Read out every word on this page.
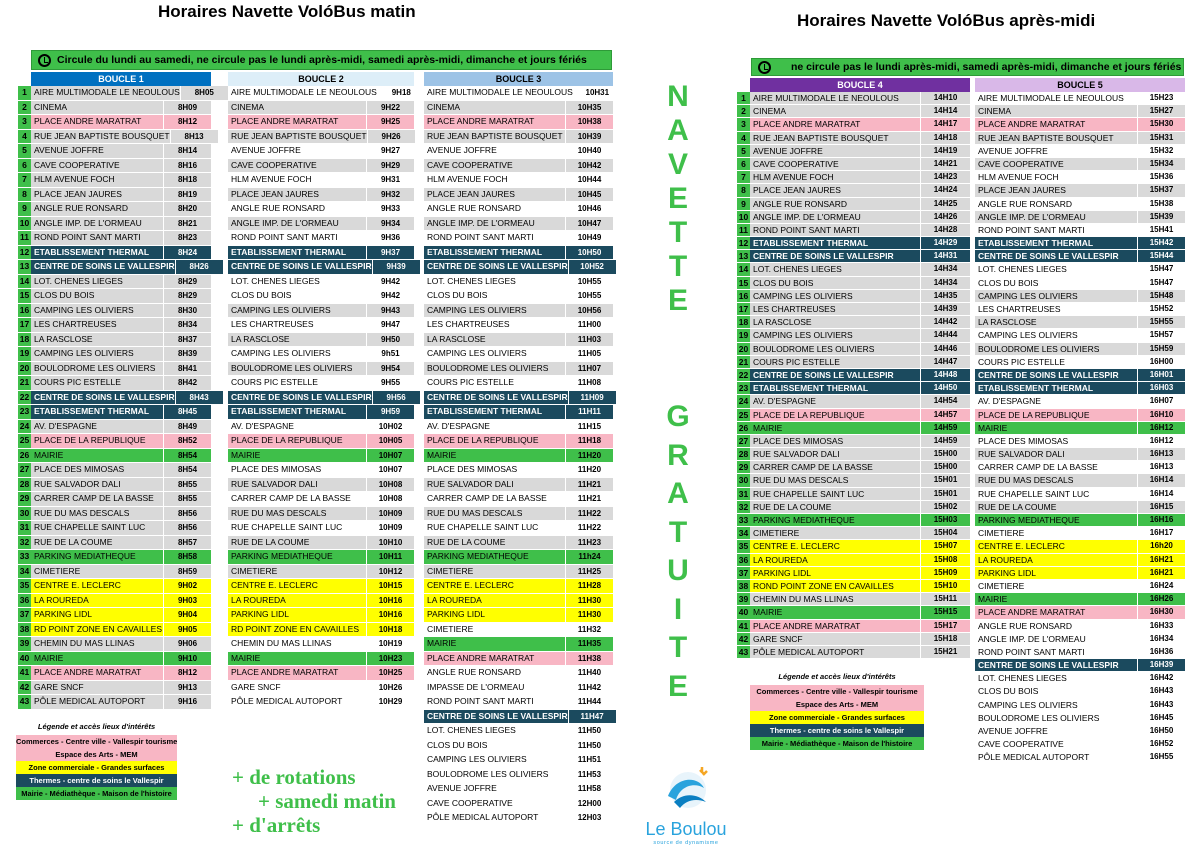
Horaires Navette VolóBus matin	Horaires Navette VolóBus après-midi
Circule du lundi au samedi, ne circule pas le lundi après-midi, samedi après-midi, dimanche et jours fériés
ne circule pas le lundi après-midi, samedi après-midi, dimanche et jours fériés
BOUCLE 1
1 AIRE MULTIMODALE LE NEOULOUS	8H05
2 CINEMA	8H09
3 PLACE ANDRE MARATRAT	8H12
4 RUE JEAN BAPTISTE BOUSQUET	8H13
5 AVENUE JOFFRE	8H14
6 CAVE COOPERATIVE	8H16
7 HLM AVENUE FOCH	8H18
8 PLACE JEAN JAURES	8H19
9 ANGLE RUE RONSARD	8H20
10 ANGLE IMP. DE L'ORMEAU	8H21
11 ROND POINT SANT MARTI	8H23
12 ETABLISSEMENT THERMAL	8H24
13 CENTRE DE SOINS LE VALLESPIR	8H26
14 LOT. CHENES LIEGES	8H29
15 CLOS DU BOIS	8H29
16 CAMPING LES OLIVIERS	8H30
17 LES CHARTREUSES	8H34
18 LA RASCLOSE	8H37
19 CAMPING LES OLIVIERS	8H39
20 BOULODROME LES OLIVIERS	8H41
21 COURS PIC ESTELLE	8H42
22 CENTRE DE SOINS LE VALLESPIR	8H43
23 ETABLISSEMENT THERMAL	8H45
24 AV. D'ESPAGNE	8H49
25 PLACE DE LA REPUBLIQUE	8H52
26 MAIRIE	8H54
27 PLACE DES MIMOSAS	8H54
28 RUE SALVADOR DALI	8H55
29 CARRER CAMP DE LA BASSE	8H55
30 RUE DU MAS DESCALS	8H56
31 RUE CHAPELLE SAINT LUC	8H56
32 RUE DE LA COUME	8H57
33 PARKING MEDIATHEQUE	8H58
34 CIMETIERE	8H59
35 CENTRE E. LECLERC	9H02
36 LA ROUREDA	9H03
37 PARKING LIDL	9H04
38 RD POINT ZONE EN CAVAILLES	9H05
39 CHEMIN DU MAS LLINAS	9H06
40 MAIRIE	9H10
41 PLACE ANDRE MARATRAT	8H12
42 GARE SNCF	9H13
43 PÔLE MEDICAL AUTOPORT	9H16
BOUCLE 2
AIRE MULTIMODALE LE NEOULOUS	9H18
CINEMA	9H22
PLACE ANDRE MARATRAT	9H25
RUE JEAN BAPTISTE BOUSQUET	9H26
AVENUE JOFFRE	9H27
CAVE COOPERATIVE	9H29
HLM AVENUE FOCH	9H31
PLACE JEAN JAURES	9H32
ANGLE RUE RONSARD	9H33
ANGLE IMP. DE L'ORMEAU	9H34
ROND POINT SANT MARTI	9H36
ETABLISSEMENT THERMAL	9H37
CENTRE DE SOINS LE VALLESPIR	9H39
LOT. CHENES LIEGES	9H42
CLOS DU BOIS	9H42
CAMPING LES OLIVIERS	9H43
LES CHARTREUSES	9H47
LA RASCLOSE	9H50
CAMPING LES OLIVIERS	9h51
BOULODROME LES OLIVIERS	9H54
COURS PIC ESTELLE	9H55
CENTRE DE SOINS LE VALLESPIR	9H56
ETABLISSEMENT THERMAL	9H59
AV. D'ESPAGNE	10H02
PLACE DE LA REPUBLIQUE	10H05
MAIRIE	10H07
PLACE DES MIMOSAS	10H07
RUE SALVADOR DALI	10H08
CARRER CAMP DE LA BASSE	10H08
RUE DU MAS DESCALS	10H09
RUE CHAPELLE SAINT LUC	10H09
RUE DE LA COUME	10H10
PARKING MEDIATHEQUE	10H11
CIMETIERE	10H12
CENTRE E. LECLERC	10H15
LA ROUREDA	10H16
PARKING LIDL	10H16
RD POINT ZONE EN CAVAILLES	10H18
CHEMIN DU MAS LLINAS	10H19
MAIRIE	10H23
PLACE ANDRE MARATRAT	10H25
GARE SNCF	10H26
PÔLE MEDICAL AUTOPORT	10H29
BOUCLE 3
AIRE MULTIMODALE LE NEOULOUS	10H31
CINEMA	10H35
PLACE ANDRE MARATRAT	10H38
RUE JEAN BAPTISTE BOUSQUET	10H39
AVENUE JOFFRE	10H40
CAVE COOPERATIVE	10H42
HLM AVENUE FOCH	10H44
PLACE JEAN JAURES	10H45
ANGLE RUE RONSARD	10H46
ANGLE IMP. DE L'ORMEAU	10H47
ROND POINT SANT MARTI	10H49
ETABLISSEMENT THERMAL	10H50
CENTRE DE SOINS LE VALLESPIR	10H52
LOT. CHENES LIEGES	10H55
CLOS DU BOIS	10H55
CAMPING LES OLIVIERS	10H56
LES CHARTREUSES	11H00
LA RASCLOSE	11H03
CAMPING LES OLIVIERS	11H05
BOULODROME LES OLIVIERS	11H07
COURS PIC ESTELLE	11H08
CENTRE DE SOINS LE VALLESPIR	11H09
ETABLISSEMENT THERMAL	11H11
AV. D'ESPAGNE	11H15
PLACE DE LA REPUBLIQUE	11H18
MAIRIE	11H20
PLACE DES MIMOSAS	11H20
RUE SALVADOR DALI	11H21
CARRER CAMP DE LA BASSE	11H21
RUE DU MAS DESCALS	11H22
RUE CHAPELLE SAINT LUC	11H22
RUE DE LA COUME	11H23
PARKING MEDIATHEQUE	11h24
CIMETIERE	11H25
CENTRE E. LECLERC	11H28
LA ROUREDA	11H30
PARKING LIDL	11H30
CIMETIERE	11H32
MAIRIE	11H35
PLACE ANDRE MARATRAT	11H38
ANGLE RUE RONSARD	11H40
IMPASSE DE L'ORMEAU	11H42
ROND POINT SANT MARTI	11H44
CENTRE DE SOINS LE VALLESPIR	11H47
LOT. CHENES LIEGES	11H50
CLOS DU BOIS	11H50
CAMPING LES OLIVIERS	11H51
BOULODROME LES OLIVIERS	11H53
AVENUE JOFFRE	11H58
CAVE COOPERATIVE	12H00
PÔLE MEDICAL AUTOPORT	12H03
BOUCLE 4
1 AIRE MULTIMODALE LE NEOULOUS	14H10
2 CINEMA	14H14
3 PLACE ANDRE MARATRAT	14H17
4 RUE JEAN BAPTISTE BOUSQUET	14H18
5 AVENUE JOFFRE	14H19
6 CAVE COOPERATIVE	14H21
7 HLM AVENUE FOCH	14H23
8 PLACE JEAN JAURES	14H24
9 ANGLE RUE RONSARD	14H25
10 ANGLE IMP. DE L'ORMEAU	14H26
11 ROND POINT SANT MARTI	14H28
12 ETABLISSEMENT THERMAL	14H29
13 CENTRE DE SOINS LE VALLESPIR	14H31
14 LOT. CHENES LIEGES	14H34
15 CLOS DU BOIS	14H34
16 CAMPING LES OLIVIERS	14H35
17 LES CHARTREUSES	14H39
18 LA RASCLOSE	14H42
19 CAMPING LES OLIVIERS	14H44
20 BOULODROME LES OLIVIERS	14H46
21 COURS PIC ESTELLE	14H47
22 CENTRE DE SOINS LE VALLESPIR	14H48
23 ETABLISSEMENT THERMAL	14H50
24 AV. D'ESPAGNE	14H54
25 PLACE DE LA REPUBLIQUE	14H57
26 MAIRIE	14H59
27 PLACE DES MIMOSAS	14H59
28 RUE SALVADOR DALI	15H00
29 CARRER CAMP DE LA BASSE	15H00
30 RUE DU MAS DESCALS	15H01
31 RUE CHAPELLE SAINT LUC	15H01
32 RUE DE LA COUME	15H02
33 PARKING MEDIATHEQUE	15H03
34 CIMETIERE	15H04
35 CENTRE E. LECLERC	15H07
36 LA ROUREDA	15H08
37 PARKING LIDL	15H09
38 ROND POINT ZONE EN CAVAILLES	15H10
39 CHEMIN DU MAS LLINAS	15H11
40 MAIRIE	15H15
41 PLACE ANDRE MARATRAT	15H17
42 GARE SNCF	15H18
43 PÔLE MEDICAL AUTOPORT	15H21
BOUCLE 5
AIRE MULTIMODALE LE NEOULOUS	15H23
CINEMA	15H27
PLACE ANDRE MARATRAT	15H30
RUE JEAN BAPTISTE BOUSQUET	15H31
AVENUE JOFFRE	15H32
CAVE COOPERATIVE	15H34
HLM AVENUE FOCH	15H36
PLACE JEAN JAURES	15H37
ANGLE RUE RONSARD	15H38
ANGLE IMP. DE L'ORMEAU	15H39
ROND POINT SANT MARTI	15H41
ETABLISSEMENT THERMAL	15H42
CENTRE DE SOINS LE VALLESPIR	15H44
LOT. CHENES LIEGES	15H47
CLOS DU BOIS	15H47
CAMPING LES OLIVIERS	15H48
LES CHARTREUSES	15H52
LA RASCLOSE	15H55
CAMPING LES OLIVIERS	15H57
BOULODROME LES OLIVIERS	15H59
COURS PIC ESTELLE	16H00
CENTRE DE SOINS LE VALLESPIR	16H01
ETABLISSEMENT THERMAL	16H03
AV. D'ESPAGNE	16H07
PLACE DE LA REPUBLIQUE	16H10
MAIRIE	16H12
PLACE DES MIMOSAS	16H12
RUE SALVADOR DALI	16H13
CARRER CAMP DE LA BASSE	16H13
RUE DU MAS DESCALS	16H14
RUE CHAPELLE SAINT LUC	16H14
RUE DE LA COUME	16H15
PARKING MEDIATHEQUE	16H16
CIMETIERE	16H17
CENTRE E. LECLERC	16h20
LA ROUREDA	16H21
PARKING LIDL	16H21
CIMETIERE	16H24
MAIRIE	16H26
PLACE ANDRE MARATRAT	16H30
ANGLE RUE RONSARD	16H33
ANGLE IMP. DE L'ORMEAU	16H34
ROND POINT SANT MARTI	16H36
CENTRE DE SOINS LE VALLESPIR	16H39
LOT. CHENES LIEGES	16H42
CLOS DU BOIS	16H43
CAMPING LES OLIVIERS	16H43
BOULODROME LES OLIVIERS	16H45
AVENUE JOFFRE	16H50
CAVE COOPERATIVE	16H52
PÔLE MEDICAL AUTOPORT	16H55
N
A
V
E
T
T
E
G
R
A
T
U
I
T
E
Légende et accès lieux d'intérêts
Commerces - Centre ville - Vallespir tourisme
Espace des Arts - MEM
Zone commerciale - Grandes surfaces
Thermes - centre de soins le Vallespir
Mairie - Médiathèque - Maison de l'histoire
Légende et accès lieux d'intérêts
Commerces - Centre ville - Vallespir tourisme
Espace des Arts - MEM
Zone commerciale - Grandes surfaces
Thermes - centre de soins le Vallespir
Mairie - Médiathèque - Maison de l'histoire
+ de rotations
+ samedi matin
+ d'arrêts	Le Boulou
source de dynamisme
